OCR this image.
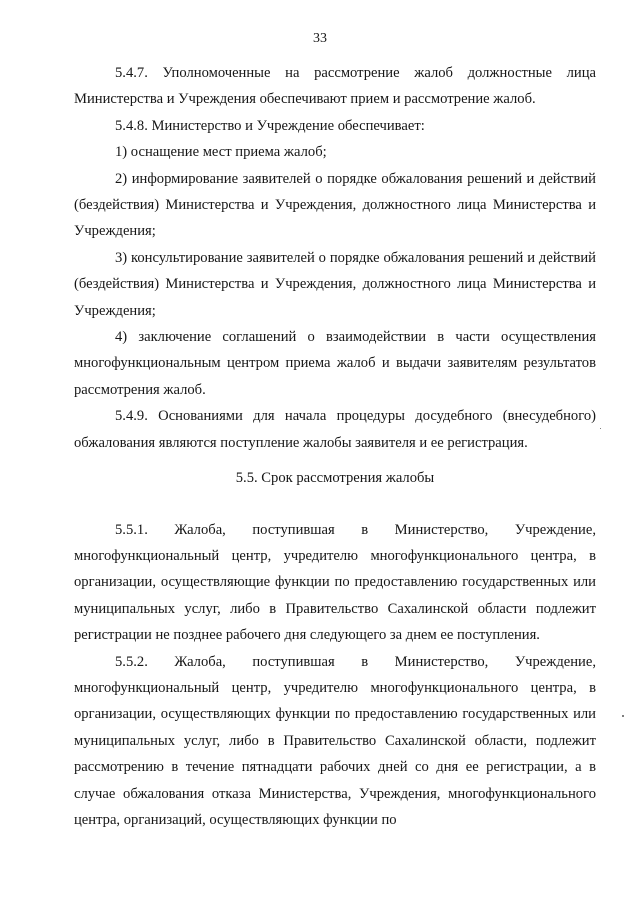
33

5.4.7. Уполномоченные на рассмотрение жалоб должностные лица Министерства и Учреждения обеспечивают прием и рассмотрение жалоб.

5.4.8. Министерство и Учреждение обеспечивает:

1) оснащение мест приема жалоб;

2) информирование заявителей о порядке обжалования решений и действий (бездействия) Министерства и Учреждения, должностного лица Министерства и Учреждения;

3) консультирование заявителей о порядке обжалования решений и действий (бездействия) Министерства и Учреждения, должностного лица Министерства и Учреждения;

4) заключение соглашений о взаимодействии в части осуществления многофункциональным центром приема жалоб и выдачи заявителям результатов рассмотрения жалоб.

5.4.9. Основаниями для начала процедуры досудебного (внесудебного) обжалования являются поступление жалобы заявителя и ее регистрация.

5.5. Срок рассмотрения жалобы

5.5.1. Жалоба, поступившая в Министерство, Учреждение, многофункциональный центр, учредителю многофункционального центра, в организации, осуществляющие функции по предоставлению государственных или муниципальных услуг, либо в Правительство Сахалинской области подлежит регистрации не позднее рабочего дня следующего за днем ее поступления.

5.5.2. Жалоба, поступившая в Министерство, Учреждение, многофункциональный центр, учредителю многофункционального центра, в организации, осуществляющих функции по предоставлению государственных или муниципальных услуг, либо в Правительство Сахалинской области, подлежит рассмотрению в течение пятнадцати рабочих дней со дня ее регистрации, а в случае обжалования отказа Министерства, Учреждения, многофункционального центра, организаций, осуществляющих функции по
